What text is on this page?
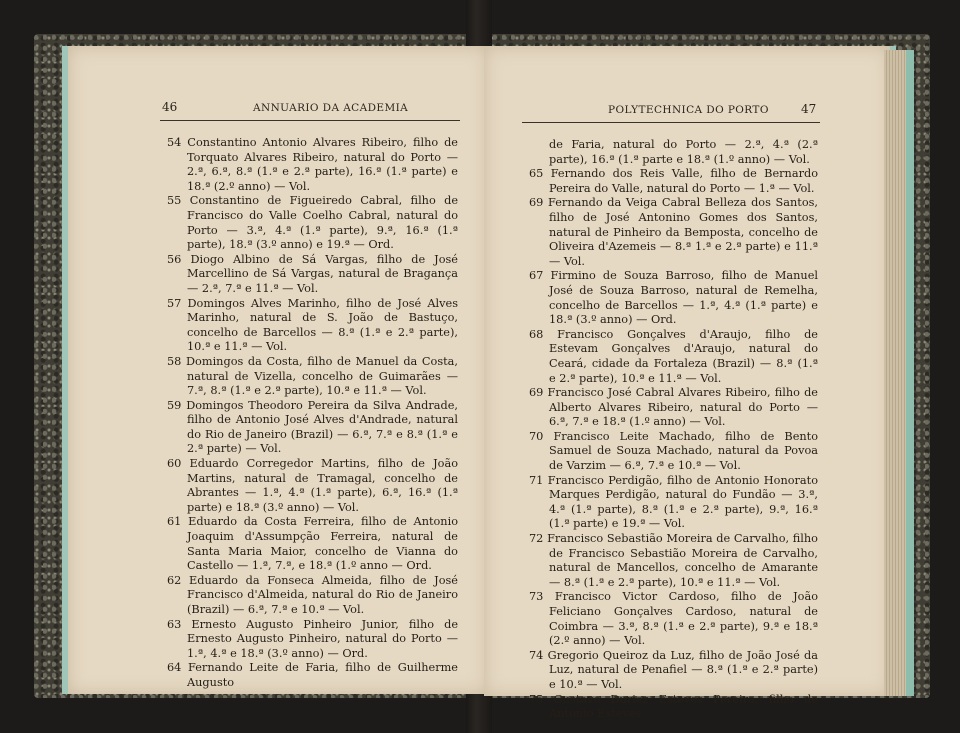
46	ANNUARIO DA ACADEMIA

54 Constantino Antonio Alvares Ribeiro, filho de Torquato Alvares Ribeiro, natural do Porto — 2.ª, 6.ª, 8.ª (1.ª e 2.ª parte), 16.ª (1.ª parte) e 18.ª (2.º anno) — Vol.

55 Constantino de Figueiredo Cabral, filho de Francisco do Valle Coelho Cabral, natural do Porto — 3.ª, 4.ª (1.ª parte), 9.ª, 16.ª (1.ª parte), 18.ª (3.º anno) e 19.ª — Ord.

56 Diogo Albino de Sá Vargas, filho de José Marcellino de Sá Vargas, natural de Bragança — 2.ª, 7.ª e 11.ª — Vol.

57 Domingos Alves Marinho, filho de José Alves Marinho, natural de S. João de Bastuço, concelho de Barcellos — 8.ª (1.ª e 2.ª parte), 10.ª e 11.ª — Vol.

58 Domingos da Costa, filho de Manuel da Costa, natural de Vizella, concelho de Guimarães — 7.ª, 8.ª (1.ª e 2.ª parte), 10.ª e 11.ª — Vol.

59 Domingos Theodoro Pereira da Silva Andrade, filho de Antonio José Alves d'Andrade, natural do Rio de Janeiro (Brazil) — 6.ª, 7.ª e 8.ª (1.ª e 2.ª parte) — Vol.

60 Eduardo Corregedor Martins, filho de João Martins, natural de Tramagal, concelho de Abrantes — 1.ª, 4.ª (1.ª parte), 6.ª, 16.ª (1.ª parte) e 18.ª (3.º anno) — Vol.

61 Eduardo da Costa Ferreira, filho de Antonio Joaquim d'Assumpção Ferreira, natural de Santa Maria Maior, concelho de Vianna do Castello — 1.ª, 7.ª, e 18.ª (1.º anno — Ord.

62 Eduardo da Fonseca Almeida, filho de José Francisco d'Almeida, natural do Rio de Janeiro (Brazil) — 6.ª, 7.ª e 10.ª — Vol.

63 Ernesto Augusto Pinheiro Junior, filho de Ernesto Augusto Pinheiro, natural do Porto — 1.ª, 4.ª e 18.ª (3.º anno) — Ord.

64 Fernando Leite de Faria, filho de Guilherme Augusto

POLYTECHNICA DO PORTO	47

de Faria, natural do Porto — 2.ª, 4.ª (2.ª parte), 16.ª (1.ª parte e 18.ª (1.º anno) — Vol.

65 Fernando dos Reis Valle, filho de Bernardo Pereira do Valle, natural do Porto — 1.ª — Vol.

69 Fernando da Veiga Cabral Belleza dos Santos, filho de José Antonino Gomes dos Santos, natural de Pinheiro da Bemposta, concelho de Oliveira d'Azemeis — 8.ª 1.ª e 2.ª parte) e 11.ª — Vol.

67 Firmino de Souza Barroso, filho de Manuel José de Souza Barroso, natural de Remelha, concelho de Barcellos — 1.ª, 4.ª (1.ª parte) e 18.ª (3.º anno) — Ord.

68 Francisco Gonçalves d'Araujo, filho de Estevam Gonçalves d'Araujo, natural do Ceará, cidade da Fortaleza (Brazil) — 8.ª (1.ª e 2.ª parte), 10.ª e 11.ª — Vol.

69 Francisco José Cabral Alvares Ribeiro, filho de Alberto Alvares Ribeiro, natural do Porto — 6.ª, 7.ª e 18.ª (1.º anno) — Vol.

70 Francisco Leite Machado, filho de Bento Samuel de Souza Machado, natural da Povoa de Varzim — 6.ª, 7.ª e 10.ª — Vol.

71 Francisco Perdigão, filho de Antonio Honorato Marques Perdigão, natural do Fundão — 3.ª, 4.ª (1.ª parte), 8.ª (1.ª e 2.ª parte), 9.ª, 16.ª (1.ª parte) e 19.ª — Vol.

72 Francisco Sebastião Moreira de Carvalho, filho de Francisco Sebastião Moreira de Carvalho, natural de Mancellos, concelho de Amarante — 8.ª (1.ª e 2.ª parte), 10.ª e 11.ª — Vol.

73 Francisco Victor Cardoso, filho de João Feliciano Gonçalves Cardoso, natural de Coimbra — 3.ª, 8.ª (1.ª e 2.ª parte), 9.ª e 18.ª (2.º anno) — Vol.

74 Gregorio Queiroz da Luz, filho de João José da Luz, natural de Penafiel — 8.ª (1.ª e 2.ª parte) e 10.ª — Vol.

75 Gustavo Duriez Esteves Pereira, filho de Antonio Esteves
